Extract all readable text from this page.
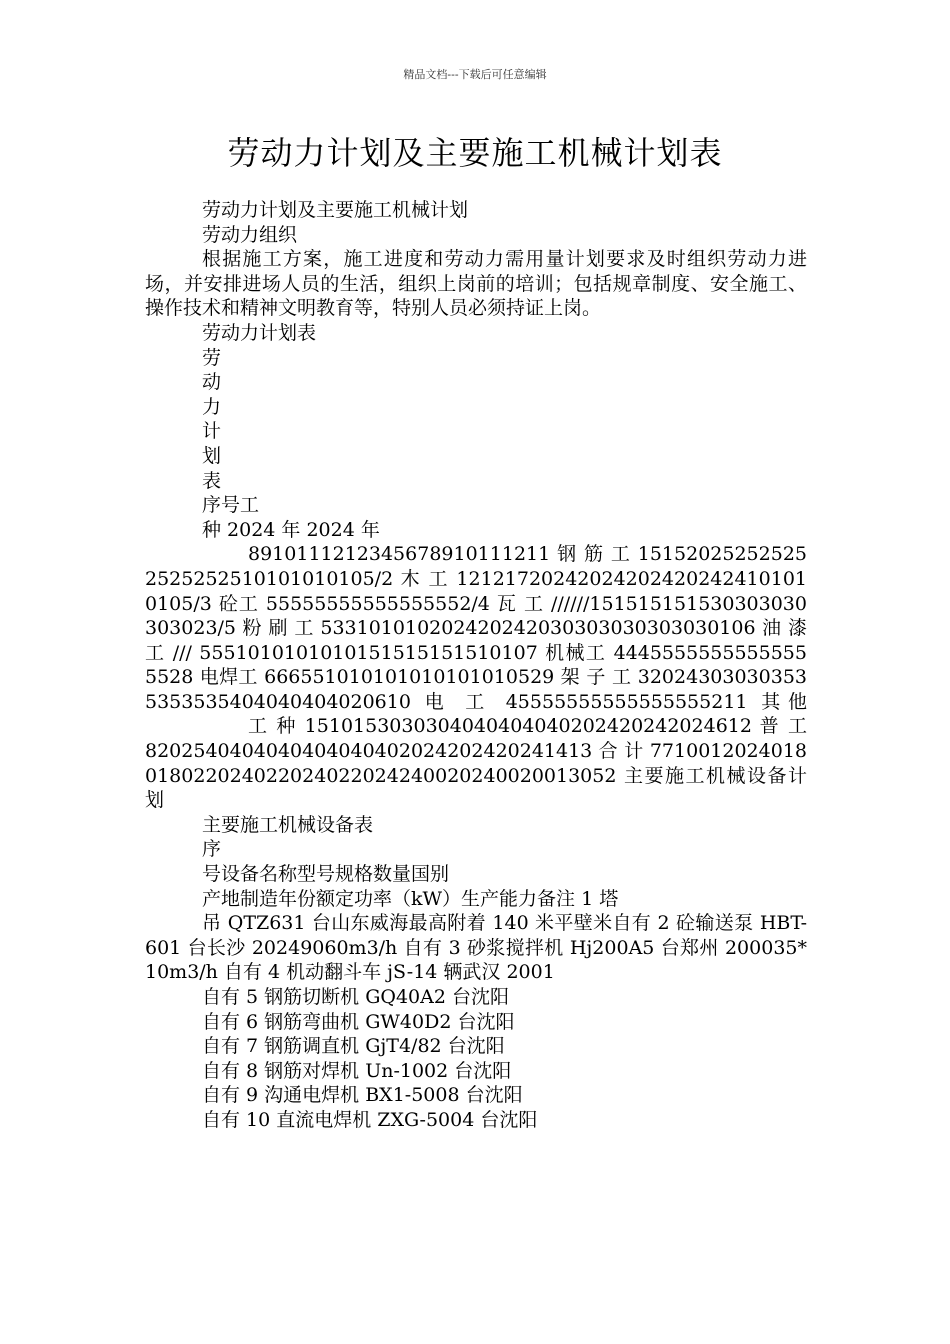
精品文档---下载后可任意编辑
劳动力计划及主要施工机械计划表

劳动力计划及主要施工机械计划

劳动力组织

根据施工方案，施工进度和劳动力需用量计划要求及时组织劳动力进场，并安排进场人员的生活，组织上岗前的培训；包括规章制度、安全施工、操作技术和精神文明教育等，特别人员必须持证上岗。

劳动力计划表

劳

动

力

计

划

表

序号工

种 2024 年 2024 年

89101112123456789101112​11 钢 筋 工 151520252525252525252510101010105/2 木 工 121217202420242024202424101010105/3 砼工 55555555555555552/4 瓦 工 //////151515151530303030303023/5 粉 刷 工 533101010202420242030303030303030106 油 漆 工 /// 5551010101010151515151510107 机械工 44455555555555555528 电焊工 666551010101010101010529 架 子 工 320243030303535353535404040404020610 电 工 45555555555555555211 其他

工 种 15101530303040404040402024202420246​12 普 工 82025404040404040404020242024202414​13 合 计 771001202401801802202402202402202424002024002001305​2 主要施工机械设备计划

主要施工机械设备表

序

号设备名称型号规格数量国别

产地制造年份额定功率（kW）生产能力备注 1 塔

吊 QTZ631 台山东威海最高附着 140 米平壁米自有 2 砼输送泵 HBT-601 台长沙 20249060m3/h 自有 3 砂浆搅拌机 Hj200A5 台郑州 200035*10m3/h 自有 4 机动翻斗车 jS-14 辆武汉 2001

自有 5 钢筋切断机 GQ40A2 台沈阳

自有 6 钢筋弯曲机 GW40D2 台沈阳

自有 7 钢筋调直机 GjT4/82 台沈阳

自有 8 钢筋对焊机 Un-1002 台沈阳

自有 9 沟通电焊机 BX1-5008 台沈阳

自有 10 直流电焊机 ZXG-5004 台沈阳
